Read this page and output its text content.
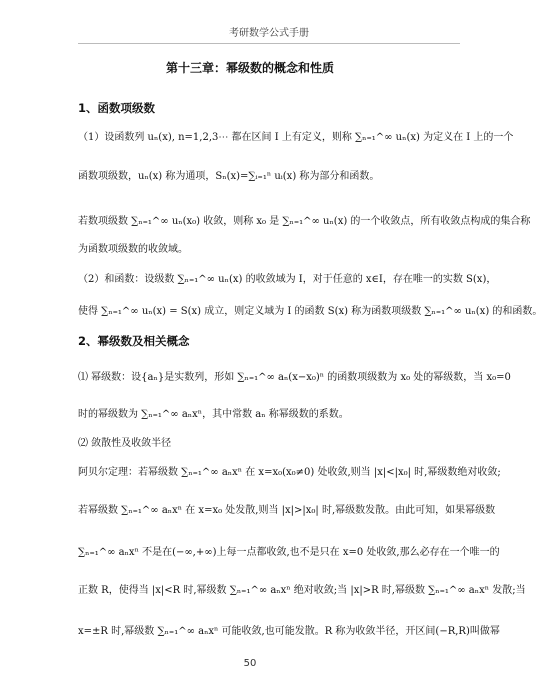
考研数学公式手册
第十三章：幂级数的概念和性质
1、函数项级数
（1）设函数列 uₙ(x), n=1,2,3⋯ 都在区间 I 上有定义，则称 ∑ₙ₌₁^∞ uₙ(x) 为定义在 I 上的一个
函数项级数，uₙ(x) 称为通项，Sₙ(x)=∑ᵢ₌₁ⁿ uᵢ(x) 称为部分和函数。
若数项级数 ∑ₙ₌₁^∞ uₙ(x₀) 收敛，则称 x₀ 是 ∑ₙ₌₁^∞ uₙ(x) 的一个收敛点，所有收敛点构成的集合称
为函数项级数的收敛域。
（2）和函数：设级数 ∑ₙ₌₁^∞ uₙ(x) 的收敛域为 I，对于任意的 x∈I，存在唯一的实数 S(x)，
使得 ∑ₙ₌₁^∞ uₙ(x) = S(x) 成立，则定义域为 I 的函数 S(x) 称为函数项级数 ∑ₙ₌₁^∞ uₙ(x) 的和函数。
2、幂级数及相关概念
⑴ 幂级数：设{aₙ}是实数列，形如 ∑ₙ₌₁^∞ aₙ(x−x₀)ⁿ 的函数项级数为 x₀ 处的幂级数，当 x₀=0
时的幂级数为 ∑ₙ₌₁^∞ aₙxⁿ，其中常数 aₙ 称幂级数的系数。
⑵ 敛散性及收敛半径
阿贝尔定理：若幂级数 ∑ₙ₌₁^∞ aₙxⁿ 在 x=x₀(x₀≠0) 处收敛,则当 |x|<|x₀| 时,幂级数绝对收敛;
若幂级数 ∑ₙ₌₁^∞ aₙxⁿ 在 x=x₀ 处发散,则当 |x|>|x₀| 时,幂级数发散。由此可知，如果幂级数
∑ₙ₌₁^∞ aₙxⁿ 不是在(−∞,+∞)上每一点都收敛,也不是只在 x=0 处收敛,那么必存在一个唯一的
正数 R，使得当 |x|<R 时,幂级数 ∑ₙ₌₁^∞ aₙxⁿ 绝对收敛;当 |x|>R 时,幂级数 ∑ₙ₌₁^∞ aₙxⁿ 发散;当
x=±R 时,幂级数 ∑ₙ₌₁^∞ aₙxⁿ 可能收敛,也可能发散。R 称为收敛半径，开区间(−R,R)叫做幂
50
